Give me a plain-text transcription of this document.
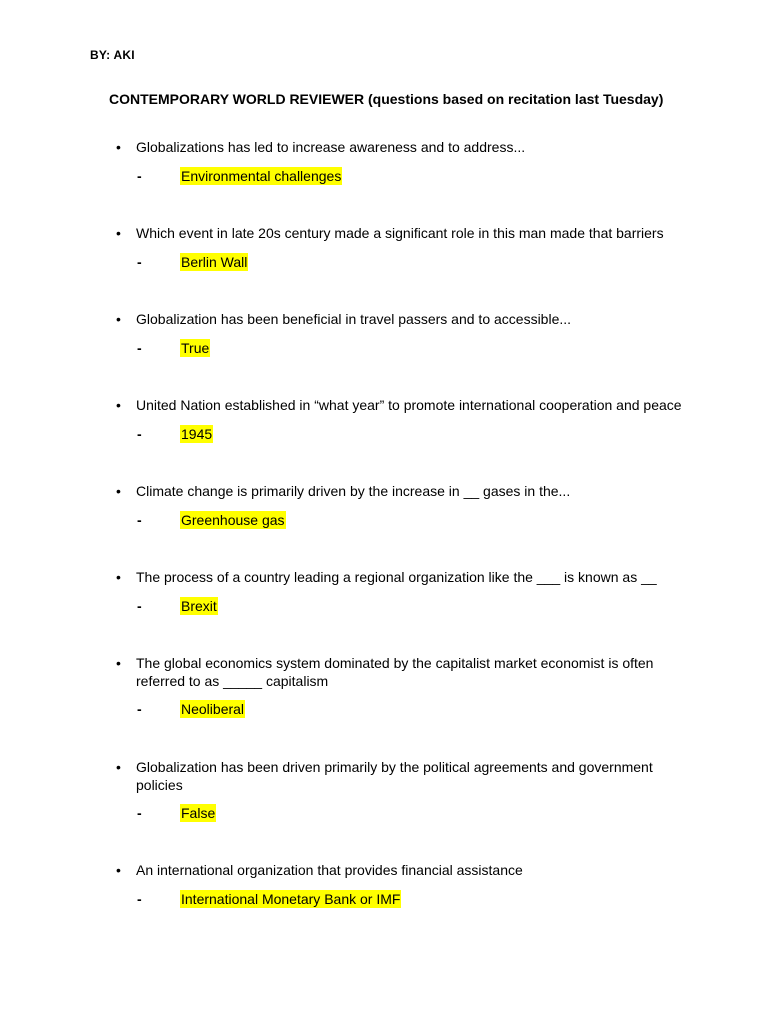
BY: AKI
CONTEMPORARY WORLD REVIEWER (questions based on recitation last Tuesday)
• Globalizations has led to increase awareness and to address...
-	Environmental challenges
• Which event in late 20s century made a significant role in this man made that barriers
-	Berlin Wall
• Globalization has been beneficial in travel passers and to accessible...
-	True
• United Nation established in “what year” to promote international cooperation and peace
-	1945
• Climate change is primarily driven by the increase in __ gases in the...
-	Greenhouse gas
• The process of a country leading a regional organization like the ___ is known as __
-	Brexit
• The global economics system dominated by the capitalist market economist is often referred to as _____ capitalism
-	Neoliberal
• Globalization has been driven primarily by the political agreements and government policies
-	False
• An international organization that provides financial assistance
-	International Monetary Bank or IMF
